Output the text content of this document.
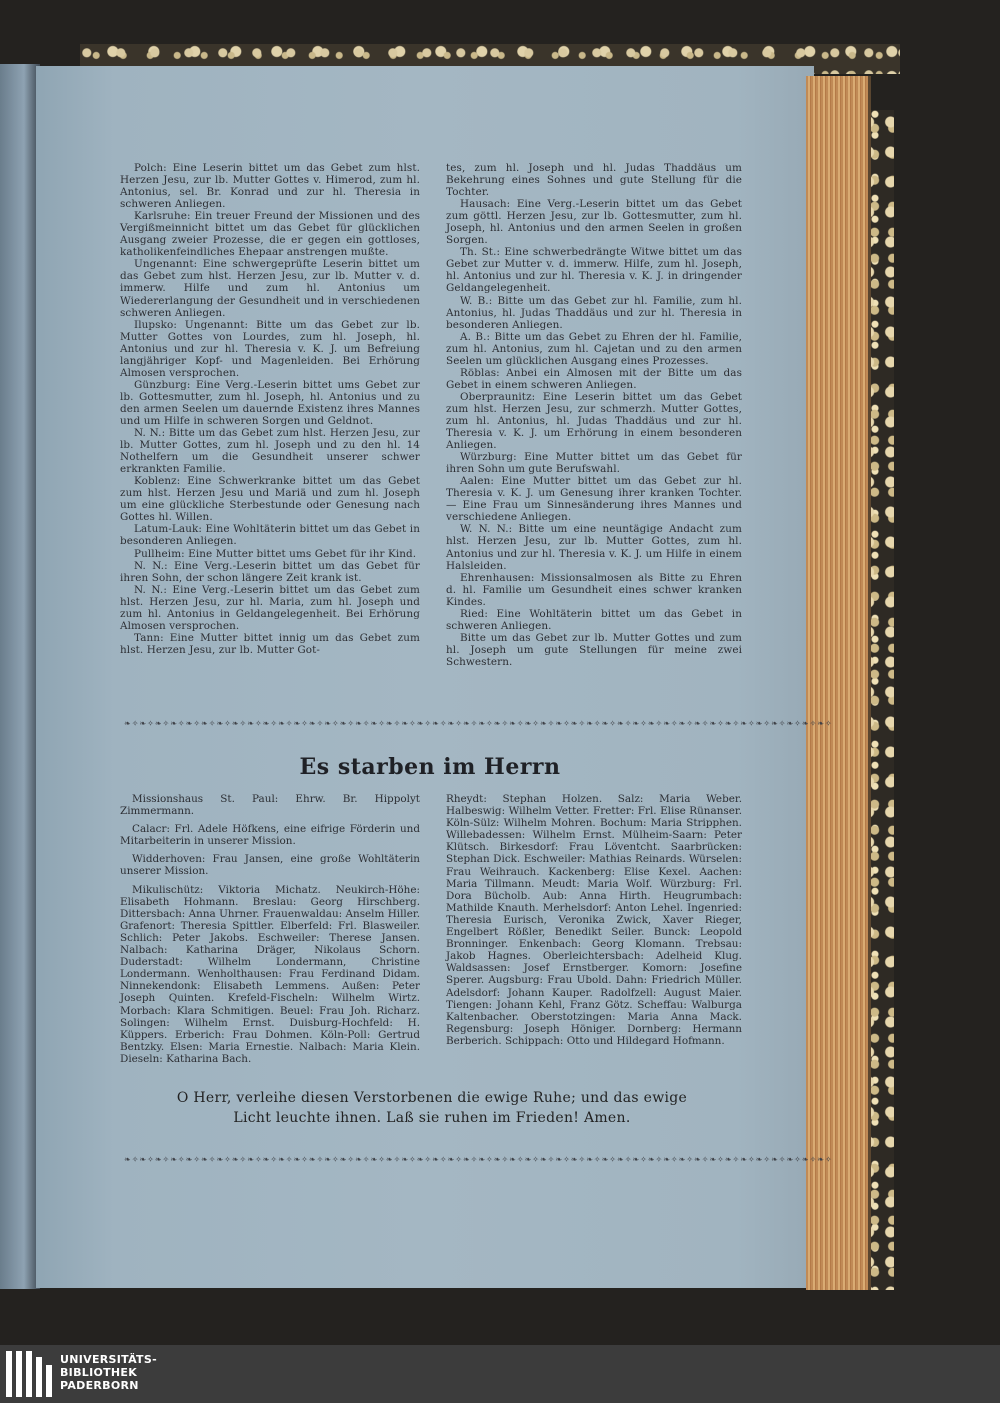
Polch: Eine Leserin bittet um das Gebet zum hlst. Herzen Jesu, zur lb. Mutter Gottes v. Himerod, zum hl. Antonius, sel. Br. Konrad und zur hl. Theresia in schweren Anliegen.

Karlsruhe: Ein treuer Freund der Missionen und des Vergißmeinnicht bittet um das Gebet für glücklichen Ausgang zweier Prozesse, die er gegen ein gottloses, katholikenfeindliches Ehepaar anstrengen mußte.

Ungenannt: Eine schwergeprüfte Leserin bittet um das Gebet zum hlst. Herzen Jesu, zur lb. Mutter v. d. immerw. Hilfe und zum hl. Antonius um Wiedererlangung der Gesundheit und in verschiedenen schweren Anliegen.

Ilupsko: Ungenannt: Bitte um das Gebet zur lb. Mutter Gottes von Lourdes, zum hl. Joseph, hl. Antonius und zur hl. Theresia v. K. J. um Befreiung langjähriger Kopf- und Magenleiden. Bei Erhörung Almosen versprochen.

Günzburg: Eine Verg.-Leserin bittet ums Gebet zur lb. Gottesmutter, zum hl. Joseph, hl. Antonius und zu den armen Seelen um dauernde Existenz ihres Mannes und um Hilfe in schweren Sorgen und Geldnot.

N. N.: Bitte um das Gebet zum hlst. Herzen Jesu, zur lb. Mutter Gottes, zum hl. Joseph und zu den hl. 14 Nothelfern um die Gesundheit unserer schwer erkrankten Familie.

Koblenz: Eine Schwerkranke bittet um das Gebet zum hlst. Herzen Jesu und Mariä und zum hl. Joseph um eine glückliche Sterbestunde oder Genesung nach Gottes hl. Willen.

Latum-Lauk: Eine Wohltäterin bittet um das Gebet in besonderen Anliegen.

Pullheim: Eine Mutter bittet ums Gebet für ihr Kind.

N. N.: Eine Verg.-Leserin bittet um das Gebet für ihren Sohn, der schon längere Zeit krank ist.

N. N.: Eine Verg.-Leserin bittet um das Gebet zum hlst. Herzen Jesu, zur hl. Maria, zum hl. Joseph und zum hl. Antonius in Geldangelegenheit. Bei Erhörung Almosen versprochen.

Tann: Eine Mutter bittet innig um das Gebet zum hlst. Herzen Jesu, zur lb. Mutter Got-

tes, zum hl. Joseph und hl. Judas Thaddäus um Bekehrung eines Sohnes und gute Stellung für die Tochter.

Hausach: Eine Verg.-Leserin bittet um das Gebet zum göttl. Herzen Jesu, zur lb. Gottesmutter, zum hl. Joseph, hl. Antonius und den armen Seelen in großen Sorgen.

Th. St.: Eine schwerbedrängte Witwe bittet um das Gebet zur Mutter v. d. immerw. Hilfe, zum hl. Joseph, hl. Antonius und zur hl. Theresia v. K. J. in dringender Geldangelegenheit.

W. B.: Bitte um das Gebet zur hl. Familie, zum hl. Antonius, hl. Judas Thaddäus und zur hl. Theresia in besonderen Anliegen.

A. B.: Bitte um das Gebet zu Ehren der hl. Familie, zum hl. Antonius, zum hl. Cajetan und zu den armen Seelen um glücklichen Ausgang eines Prozesses.

Röblas: Anbei ein Almosen mit der Bitte um das Gebet in einem schweren Anliegen.

Oberpraunitz: Eine Leserin bittet um das Gebet zum hlst. Herzen Jesu, zur schmerzh. Mutter Gottes, zum hl. Antonius, hl. Judas Thaddäus und zur hl. Theresia v. K. J. um Erhörung in einem besonderen Anliegen.

Würzburg: Eine Mutter bittet um das Gebet für ihren Sohn um gute Berufswahl.

Aalen: Eine Mutter bittet um das Gebet zur hl. Theresia v. K. J. um Genesung ihrer kranken Tochter. — Eine Frau um Sinnesänderung ihres Mannes und verschiedene Anliegen.

W. N. N.: Bitte um eine neuntägige Andacht zum hlst. Herzen Jesu, zur lb. Mutter Gottes, zum hl. Antonius und zur hl. Theresia v. K. J. um Hilfe in einem Halsleiden.

Ehrenhausen: Missionsalmosen als Bitte zu Ehren d. hl. Familie um Gesundheit eines schwer kranken Kindes.

Ried: Eine Wohltäterin bittet um das Gebet in schweren Anliegen.

Bitte um das Gebet zur lb. Mutter Gottes und zum hl. Joseph um gute Stellungen für meine zwei Schwestern.

❧✧❧✧❧✧❧✧❧✧❧✧❧✧❧✧❧✧❧✧❧✧❧✧❧✧❧✧❧✧❧✧❧✧❧✧❧✧❧✧❧✧❧✧❧✧❧✧❧✧❧✧❧✧❧✧❧✧❧✧❧✧❧✧❧✧❧✧❧✧❧✧❧✧❧✧❧✧❧✧❧✧❧✧❧✧❧✧❧✧❧✧
Es starben im Herrn

Missionshaus St. Paul: Ehrw. Br. Hippolyt Zimmermann.

Calacr: Frl. Adele Höfkens, eine eifrige Förderin und Mitarbeiterin in unserer Mission.

Widderhoven: Frau Jansen, eine große Wohltäterin unserer Mission.

Mikulischütz: Viktoria Michatz. Neukirch-Höhe: Elisabeth Hohmann. Breslau: Georg Hirschberg. Dittersbach: Anna Uhrner. Frauenwaldau: Anselm Hiller. Grafenort: Theresia Spittler. Elberfeld: Frl. Blasweiler. Schlich: Peter Jakobs. Eschweiler: Therese Jansen. Nalbach: Katharina Dräger, Nikolaus Schorn. Duderstadt: Wilhelm Londermann, Christine Londermann. Wenholthausen: Frau Ferdinand Didam. Ninnekendonk: Elisabeth Lemmens. Außen: Peter Joseph Quinten. Krefeld-Fischeln: Wilhelm Wirtz. Morbach: Klara Schmitigen. Beuel: Frau Joh. Richarz. Solingen: Wilhelm Ernst. Duisburg-Hochfeld: H. Küppers. Erberich: Frau Dohmen. Köln-Poll: Gertrud Bentzky. Elsen: Maria Ernestie. Nalbach: Maria Klein. Dieseln: Katharina Bach.

Rheydt: Stephan Holzen. Salz: Maria Weber. Halbeswig: Wilhelm Vetter. Fretter: Frl. Elise Rünanser. Köln-Sülz: Wilhelm Mohren. Bochum: Maria Stripphen. Willebadessen: Wilhelm Ernst. Mülheim-Saarn: Peter Klütsch. Birkesdorf: Frau Löventcht. Saarbrücken: Stephan Dick. Eschweiler: Mathias Reinards. Würselen: Frau Weihrauch. Kackenberg: Elise Kexel. Aachen: Maria Tillmann. Meudt: Maria Wolf. Würzburg: Frl. Dora Bücholb. Aub: Anna Hirth. Heugrumbach: Mathilde Knauth. Merhelsdorf: Anton Lehel. Ingenried: Theresia Eurisch, Veronika Zwick, Xaver Rieger, Engelbert Rößler, Benedikt Seiler. Bunck: Leopold Bronninger. Enkenbach: Georg Klomann. Trebsau: Jakob Hagnes. Oberleichtersbach: Adelheid Klug. Waldsassen: Josef Ernstberger. Komorn: Josefine Sperer. Augsburg: Frau Ubold. Dahn: Friedrich Müller. Adelsdorf: Johann Kauper. Radolfzell: August Maier. Tiengen: Johann Kehl, Franz Götz. Scheffau: Walburga Kaltenbacher. Oberstotzingen: Maria Anna Mack. Regensburg: Joseph Höniger. Dornberg: Hermann Berberich. Schippach: Otto und Hildegard Hofmann.

O Herr, verleihe diesen Verstorbenen die ewige Ruhe; und das ewige
Licht leuchte ihnen. Laß sie ruhen im Frieden! Amen.
❧✧❧✧❧✧❧✧❧✧❧✧❧✧❧✧❧✧❧✧❧✧❧✧❧✧❧✧❧✧❧✧❧✧❧✧❧✧❧✧❧✧❧✧❧✧❧✧❧✧❧✧❧✧❧✧❧✧❧✧❧✧❧✧❧✧❧✧❧✧❧✧❧✧❧✧❧✧❧✧❧✧❧✧❧✧❧✧❧✧❧✧
UNIVERSITÄTS-
BIBLIOTHEK
PADERBORN
